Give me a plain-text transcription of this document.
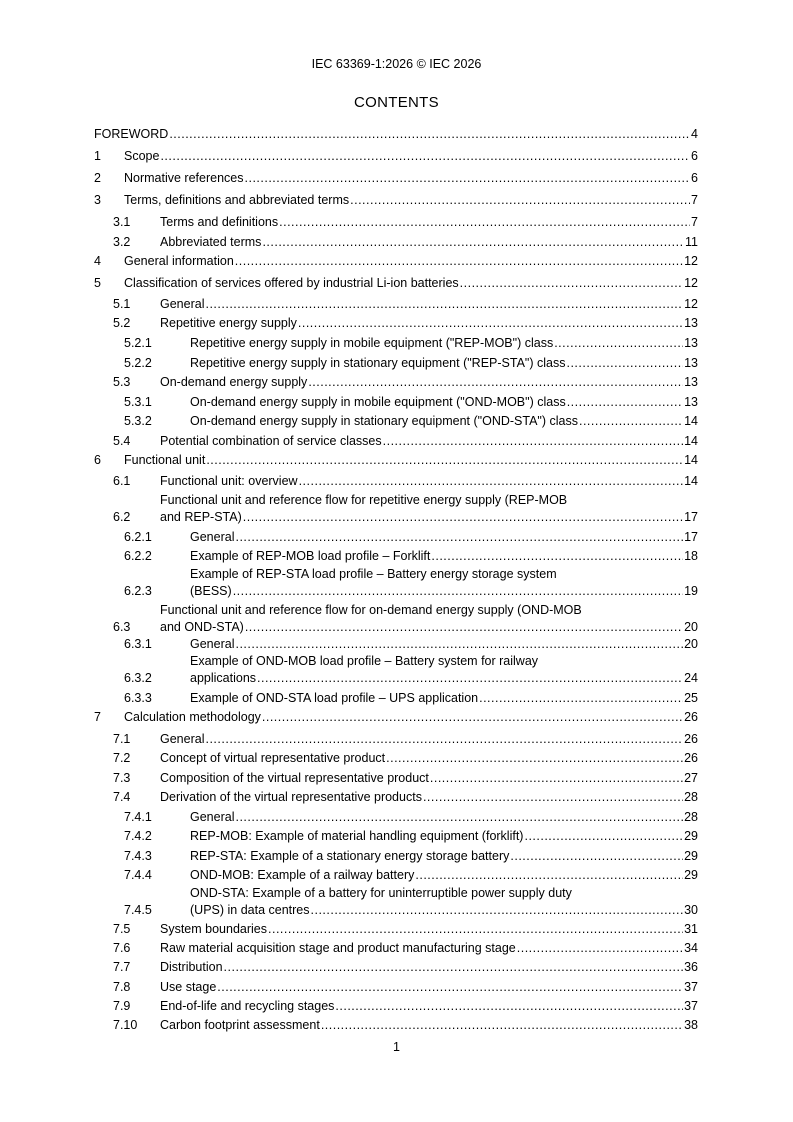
IEC 63369-1:2026 © IEC 2026
CONTENTS
FOREWORD .....	4
1 Scope .....	6
2 Normative references .....	6
3 Terms, definitions and abbreviated terms .....	7
3.1 Terms and definitions .....	7
3.2 Abbreviated terms .....	11
4 General information .....	12
5 Classification of services offered by industrial Li-ion batteries .....	12
5.1 General .....	12
5.2 Repetitive energy supply .....	13
5.2.1	Repetitive energy supply in mobile equipment ("REP-MOB") class .....	13
5.2.2	Repetitive energy supply in stationary equipment ("REP-STA") class .....	13
5.3 On-demand energy supply .....	13
5.3.1	On-demand energy supply in mobile equipment ("OND-MOB") class .....	13
5.3.2	On-demand energy supply in stationary equipment ("OND-STA") class .....	14
5.4 Potential combination of service classes .....	14
6 Functional unit .....	14
6.1 Functional unit: overview .....	14
Functional unit and reference flow for repetitive energy supply (REP-MOB
6.2 and REP-STA) .....	17
6.2.1	General .....	17
6.2.2	Example of REP-MOB load profile – Forklift .....	18
Example of REP-STA load profile – Battery energy storage system
6.2.3	(BESS) .....	19
Functional unit and reference flow for on-demand energy supply (OND-MOB
6.3 and OND-STA) .....	20
6.3.1	General .....	20
Example of OND-MOB load profile – Battery system for railway
6.3.2	applications .....	24
6.3.3	Example of OND-STA load profile – UPS application .....	25
7 Calculation methodology .....	26
7.1 General .....	26
7.2 Concept of virtual representative product .....	26
7.3 Composition of the virtual representative product .....	27
7.4 Derivation of the virtual representative products .....	28
7.4.1	General .....	28
7.4.2	REP-MOB: Example of material handling equipment (forklift) .....	29
7.4.3	REP-STA: Example of a stationary energy storage battery .....	29
7.4.4	OND-MOB: Example of a railway battery .....	29
OND-STA: Example of a battery for uninterruptible power supply duty
7.4.5	(UPS) in data centres .....	30
7.5 System boundaries .....	31
7.6 Raw material acquisition stage and product manufacturing stage .....	34
7.7 Distribution .....	36
7.8 Use stage .....	37
7.9 End-of-life and recycling stages .....	37
7.10 Carbon footprint assessment .....	38
1
